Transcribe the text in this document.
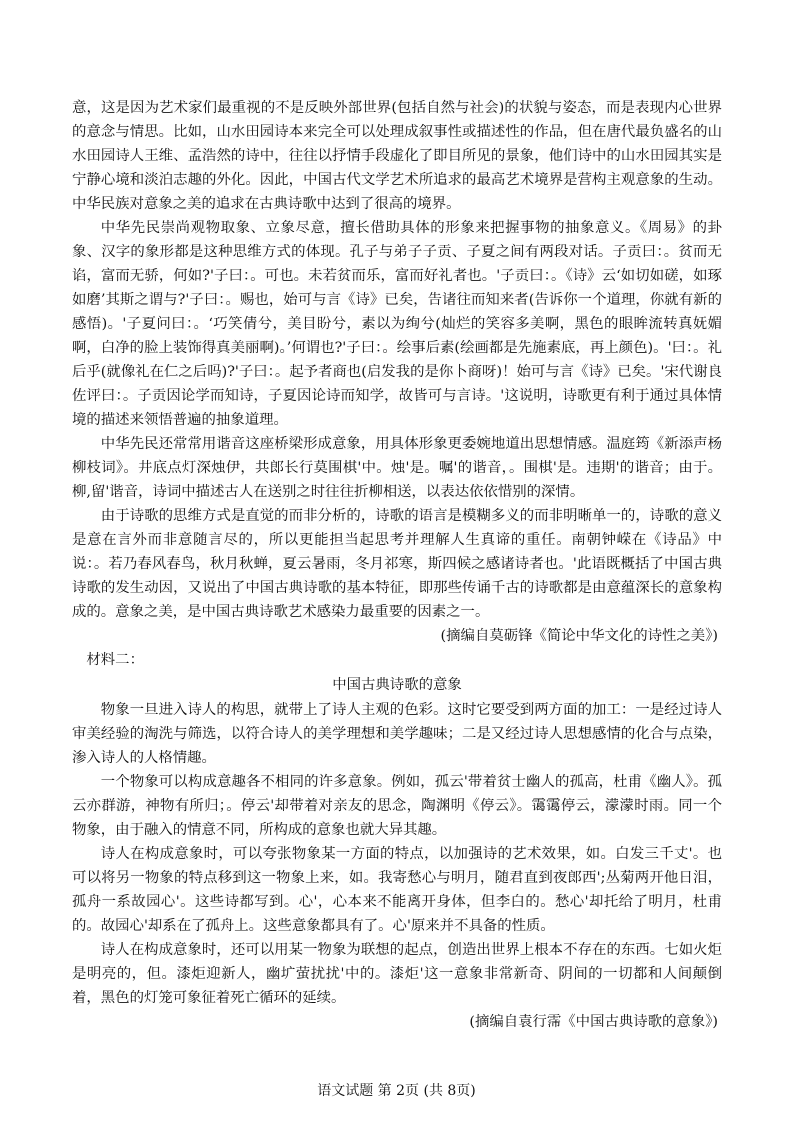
意，这是因为艺术家们最重视的不是反映外部世界(包括自然与社会)的状貌与姿态，而是表现内心世界的意念与情思。比如，山水田园诗本来完全可以处理成叙事性或描述性的作品，但在唐代最负盛名的山水田园诗人王维、孟浩然的诗中，往往以抒情手段虚化了即目所见的景象，他们诗中的山水田园其实是宁静心境和淡泊志趣的外化。因此，中国古代文学艺术所追求的最高艺术境界是营构主观意象的生动。中华民族对意象之美的追求在古典诗歌中达到了很高的境界。

中华先民崇尚观物取象、立象尽意，擅长借助具体的形象来把握事物的抽象意义。《周易》的卦象、汉字的象形都是这种思维方式的体现。孔子与弟子子贡、子夏之间有两段对话。子贡曰：。贫而无谄，富而无骄，何如?'子曰：。可也。未若贫而乐，富而好礼者也。'子贡曰：。《诗》云‘如切如磋，如琢如磨’其斯之谓与?'子曰：。赐也，始可与言《诗》已矣，告诸往而知来者(告诉你一个道理，你就有新的感悟)。'子夏问曰：。‘巧笑倩兮，美目盼兮，素以为绚兮(灿烂的笑容多美啊，黑色的眼眸流转真妩媚啊，白净的脸上装饰得真美丽啊)。’何谓也?'子曰：。绘事后素(绘画都是先施素底，再上颜色)。'曰：。礼后乎(就像礼在仁之后吗)?'子曰：。起予者商也(启发我的是你卜商呀)！始可与言《诗》已矣。'宋代谢良佐评曰：。子贡因论学而知诗，子夏因论诗而知学，故皆可与言诗。'这说明，诗歌更有利于通过具体情境的描述来领悟普遍的抽象道理。

中华先民还常常用谐音这座桥梁形成意象，用具体形象更委婉地道出思想情感。温庭筠《新添声杨柳枝词》。井底点灯深烛伊，共郎长行莫围棋'中。烛'是。嘱'的谐音，。围棋'是。违期'的谐音；由于。柳,留'谐音，诗词中描述古人在送别之时往往折柳相送，以表达依依惜别的深情。

由于诗歌的思维方式是直觉的而非分析的，诗歌的语言是模糊多义的而非明晰单一的，诗歌的意义是意在言外而非意随言尽的，所以更能担当起思考并理解人生真谛的重任。南朝钟嵘在《诗品》中说：。若乃春风春鸟，秋月秋蝉，夏云暑雨，冬月祁寒，斯四候之感诸诗者也。'此语既概括了中国古典诗歌的发生动因，又说出了中国古典诗歌的基本特征，即那些传诵千古的诗歌都是由意蕴深长的意象构成的。意象之美，是中国古典诗歌艺术感染力最重要的因素之一。

(摘编自莫砺锋《简论中华文化的诗性之美》)

材料二：

中国古典诗歌的意象

物象一旦进入诗人的构思，就带上了诗人主观的色彩。这时它要受到两方面的加工：一是经过诗人审美经验的淘洗与筛选，以符合诗人的美学理想和美学趣味；二是又经过诗人思想感情的化合与点染，渗入诗人的人格情趣。

一个物象可以构成意趣各不相同的许多意象。例如，孤云'带着贫士幽人的孤高，杜甫《幽人》。孤云亦群游，神物有所归；。停云'却带着对亲友的思念，陶渊明《停云》。霭霭停云，濛濛时雨。同一个物象，由于融入的情意不同，所构成的意象也就大异其趣。

诗人在构成意象时，可以夸张物象某一方面的特点，以加强诗的艺术效果，如。白发三千丈'。也可以将另一物象的特点移到这一物象上来，如。我寄愁心与明月，随君直到夜郎西';丛菊两开他日泪，孤舟一系故园心'。这些诗都写到。心'，心本来不能离开身体，但李白的。愁心'却托给了明月，杜甫的。故园心'却系在了孤舟上。这些意象都具有了。心'原来并不具备的性质。

诗人在构成意象时，还可以用某一物象为联想的起点，创造出世界上根本不存在的东西。七如火炬是明亮的，但。漆炬迎新人，幽圹萤扰扰'中的。漆炬'这一意象非常新奇、阴间的一切都和人间颠倒着，黑色的灯笼可象征着死亡循环的延续。

(摘编自袁行霈《中国古典诗歌的意象》)

语文试题 第 2页 (共 8页)
